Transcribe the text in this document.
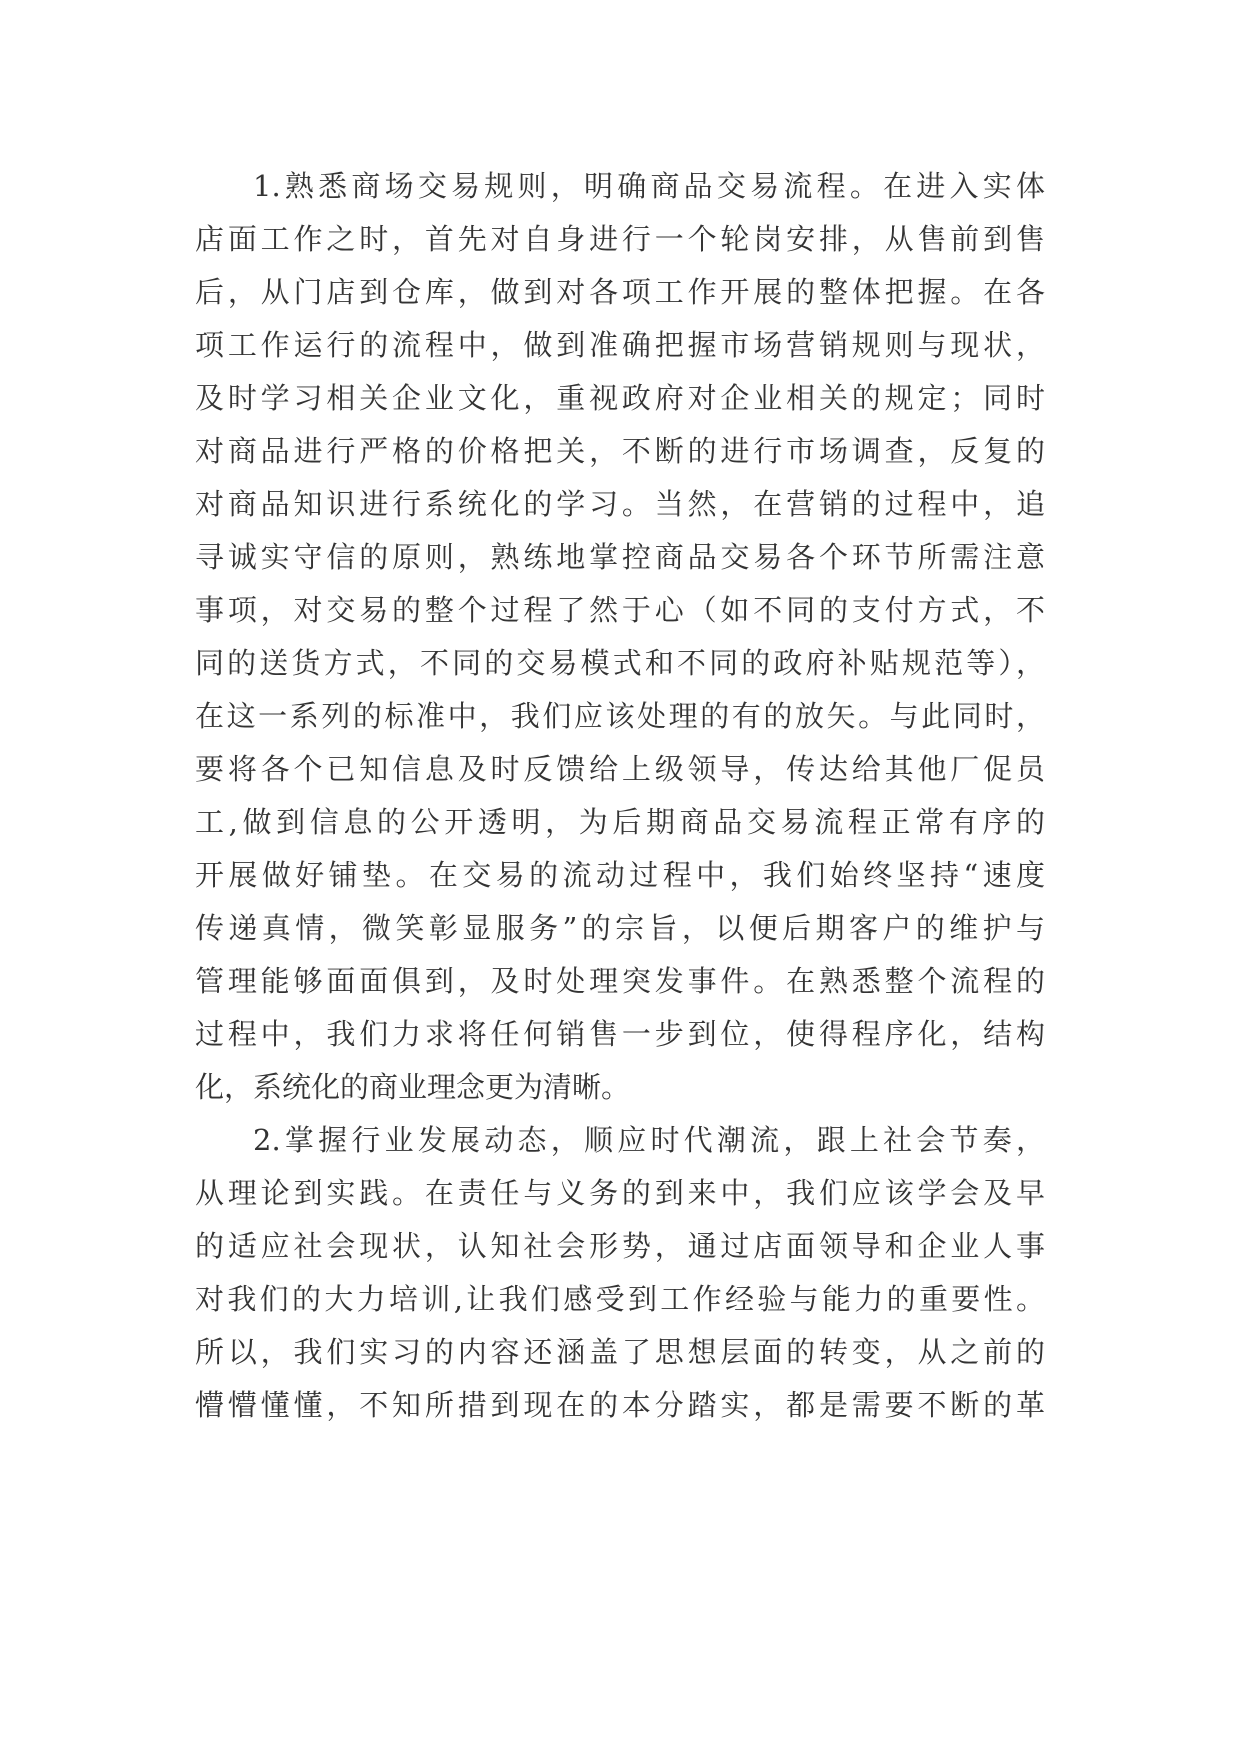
1.熟悉商场交易规则，明确商品交易流程。在进入实体
店面工作之时，首先对自身进行一个轮岗安排，从售前到售
后，从门店到仓库，做到对各项工作开展的整体把握。在各
项工作运行的流程中，做到准确把握市场营销规则与现状，
及时学习相关企业文化，重视政府对企业相关的规定；同时
对商品进行严格的价格把关，不断的进行市场调查，反复的
对商品知识进行系统化的学习。当然，在营销的过程中，追
寻诚实守信的原则，熟练地掌控商品交易各个环节所需注意
事项，对交易的整个过程了然于心（如不同的支付方式，不
同的送货方式，不同的交易模式和不同的政府补贴规范等），
在这一系列的标准中，我们应该处理的有的放矢。与此同时，
要将各个已知信息及时反馈给上级领导，传达给其他厂促员
工,做到信息的公开透明，为后期商品交易流程正常有序的
开展做好铺垫。在交易的流动过程中，我们始终坚持“速度
传递真情，微笑彰显服务”的宗旨，以便后期客户的维护与
管理能够面面俱到，及时处理突发事件。在熟悉整个流程的
过程中，我们力求将任何销售一步到位，使得程序化，结构
化，系统化的商业理念更为清晰。
2.掌握行业发展动态，顺应时代潮流，跟上社会节奏，
从理论到实践。在责任与义务的到来中，我们应该学会及早
的适应社会现状，认知社会形势，通过店面领导和企业人事
对我们的大力培训,让我们感受到工作经验与能力的重要性。
所以，我们实习的内容还涵盖了思想层面的转变，从之前的
懵懵懂懂，不知所措到现在的本分踏实，都是需要不断的革
